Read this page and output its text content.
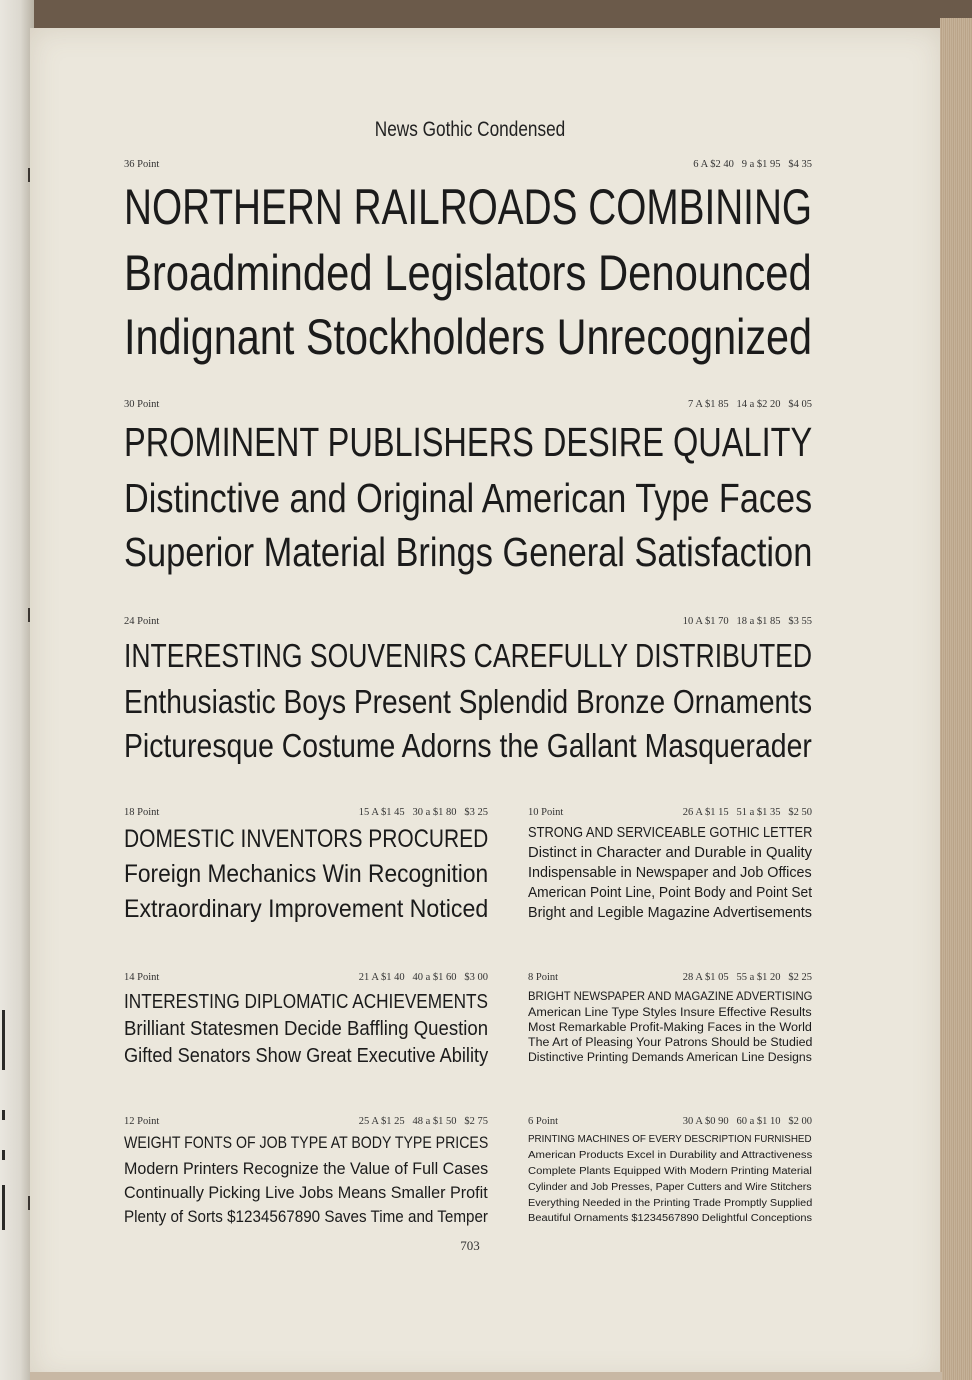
News Gothic Condensed
36 Point	6 A $2 40   9 a $1 95   $4 35
NORTHERN RAILROADS COMBINING
Broadminded Legislators Denounced
Indignant Stockholders Unrecognized
30 Point	7 A $1 85   14 a $2 20   $4 05
PROMINENT PUBLISHERS DESIRE QUALITY
Distinctive and Original American Type Faces
Superior Material Brings General Satisfaction
24 Point	10 A $1 70   18 a $1 85   $3 55
INTERESTING SOUVENIRS CAREFULLY DISTRIBUTED
Enthusiastic Boys Present Splendid Bronze Ornaments
Picturesque Costume Adorns the Gallant Masquerader
18 Point	15 A $1 45   30 a $1 80   $3 25
DOMESTIC INVENTORS PROCURED
Foreign Mechanics Win Recognition
Extraordinary Improvement Noticed
10 Point	26 A $1 15   51 a $1 35   $2 50
STRONG AND SERVICEABLE GOTHIC LETTER
Distinct in Character and Durable in Quality
Indispensable in Newspaper and Job Offices
American Point Line, Point Body and Point Set
Bright and Legible Magazine Advertisements
14 Point	21 A $1 40   40 a $1 60   $3 00
INTERESTING DIPLOMATIC ACHIEVEMENTS
Brilliant Statesmen Decide Baffling Question
Gifted Senators Show Great Executive Ability
8 Point	28 A $1 05   55 a $1 20   $2 25
BRIGHT NEWSPAPER AND MAGAZINE ADVERTISING
American Line Type Styles Insure Effective Results
Most Remarkable Profit-Making Faces in the World
The Art of Pleasing Your Patrons Should be Studied
Distinctive Printing Demands American Line Designs
12 Point	25 A $1 25   48 a $1 50   $2 75
WEIGHT FONTS OF JOB TYPE AT BODY TYPE PRICES
Modern Printers Recognize the Value of Full Cases
Continually Picking Live Jobs Means Smaller Profit
Plenty of Sorts $1234567890 Saves Time and Temper
6 Point	30 A $0 90   60 a $1 10   $2 00
PRINTING MACHINES OF EVERY DESCRIPTION FURNISHED
American Products Excel in Durability and Attractiveness
Complete Plants Equipped With Modern Printing Material
Cylinder and Job Presses, Paper Cutters and Wire Stitchers
Everything Needed in the Printing Trade Promptly Supplied
Beautiful Ornaments $1234567890 Delightful Conceptions
703
